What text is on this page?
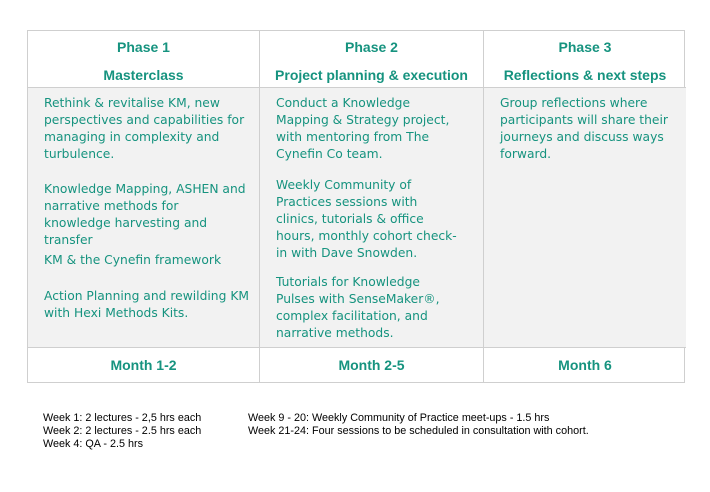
Phase 1
Masterclass

Rethink & revitalise KM, new perspectives and capabilities for managing in complexity and turbulence.

Knowledge Mapping, ASHEN and narrative methods for knowledge harvesting and transfer

KM & the Cynefin framework

Action Planning and rewilding KM with Hexi Methods Kits.

Month 1-2
Phase 2
Project planning & execution

Conduct a Knowledge Mapping & Strategy project, with mentoring from The Cynefin Co team.

Weekly Community of Practices sessions with clinics, tutorials & office hours, monthly cohort check-in with Dave Snowden.

Tutorials for Knowledge Pulses with SenseMaker®, complex facilitation, and narrative methods.

Month 2-5
Phase 3
Reflections & next steps

Group reflections where participants will share their journeys and discuss ways forward.

Month 6
Week 1: 2 lectures - 2,5 hrs each
Week 2: 2 lectures - 2.5 hrs each
Week 4: QA - 2.5 hrs
Week 9 - 20: Weekly Community of Practice meet-ups - 1.5 hrs
Week 21-24: Four sessions to be scheduled in consultation with cohort.
